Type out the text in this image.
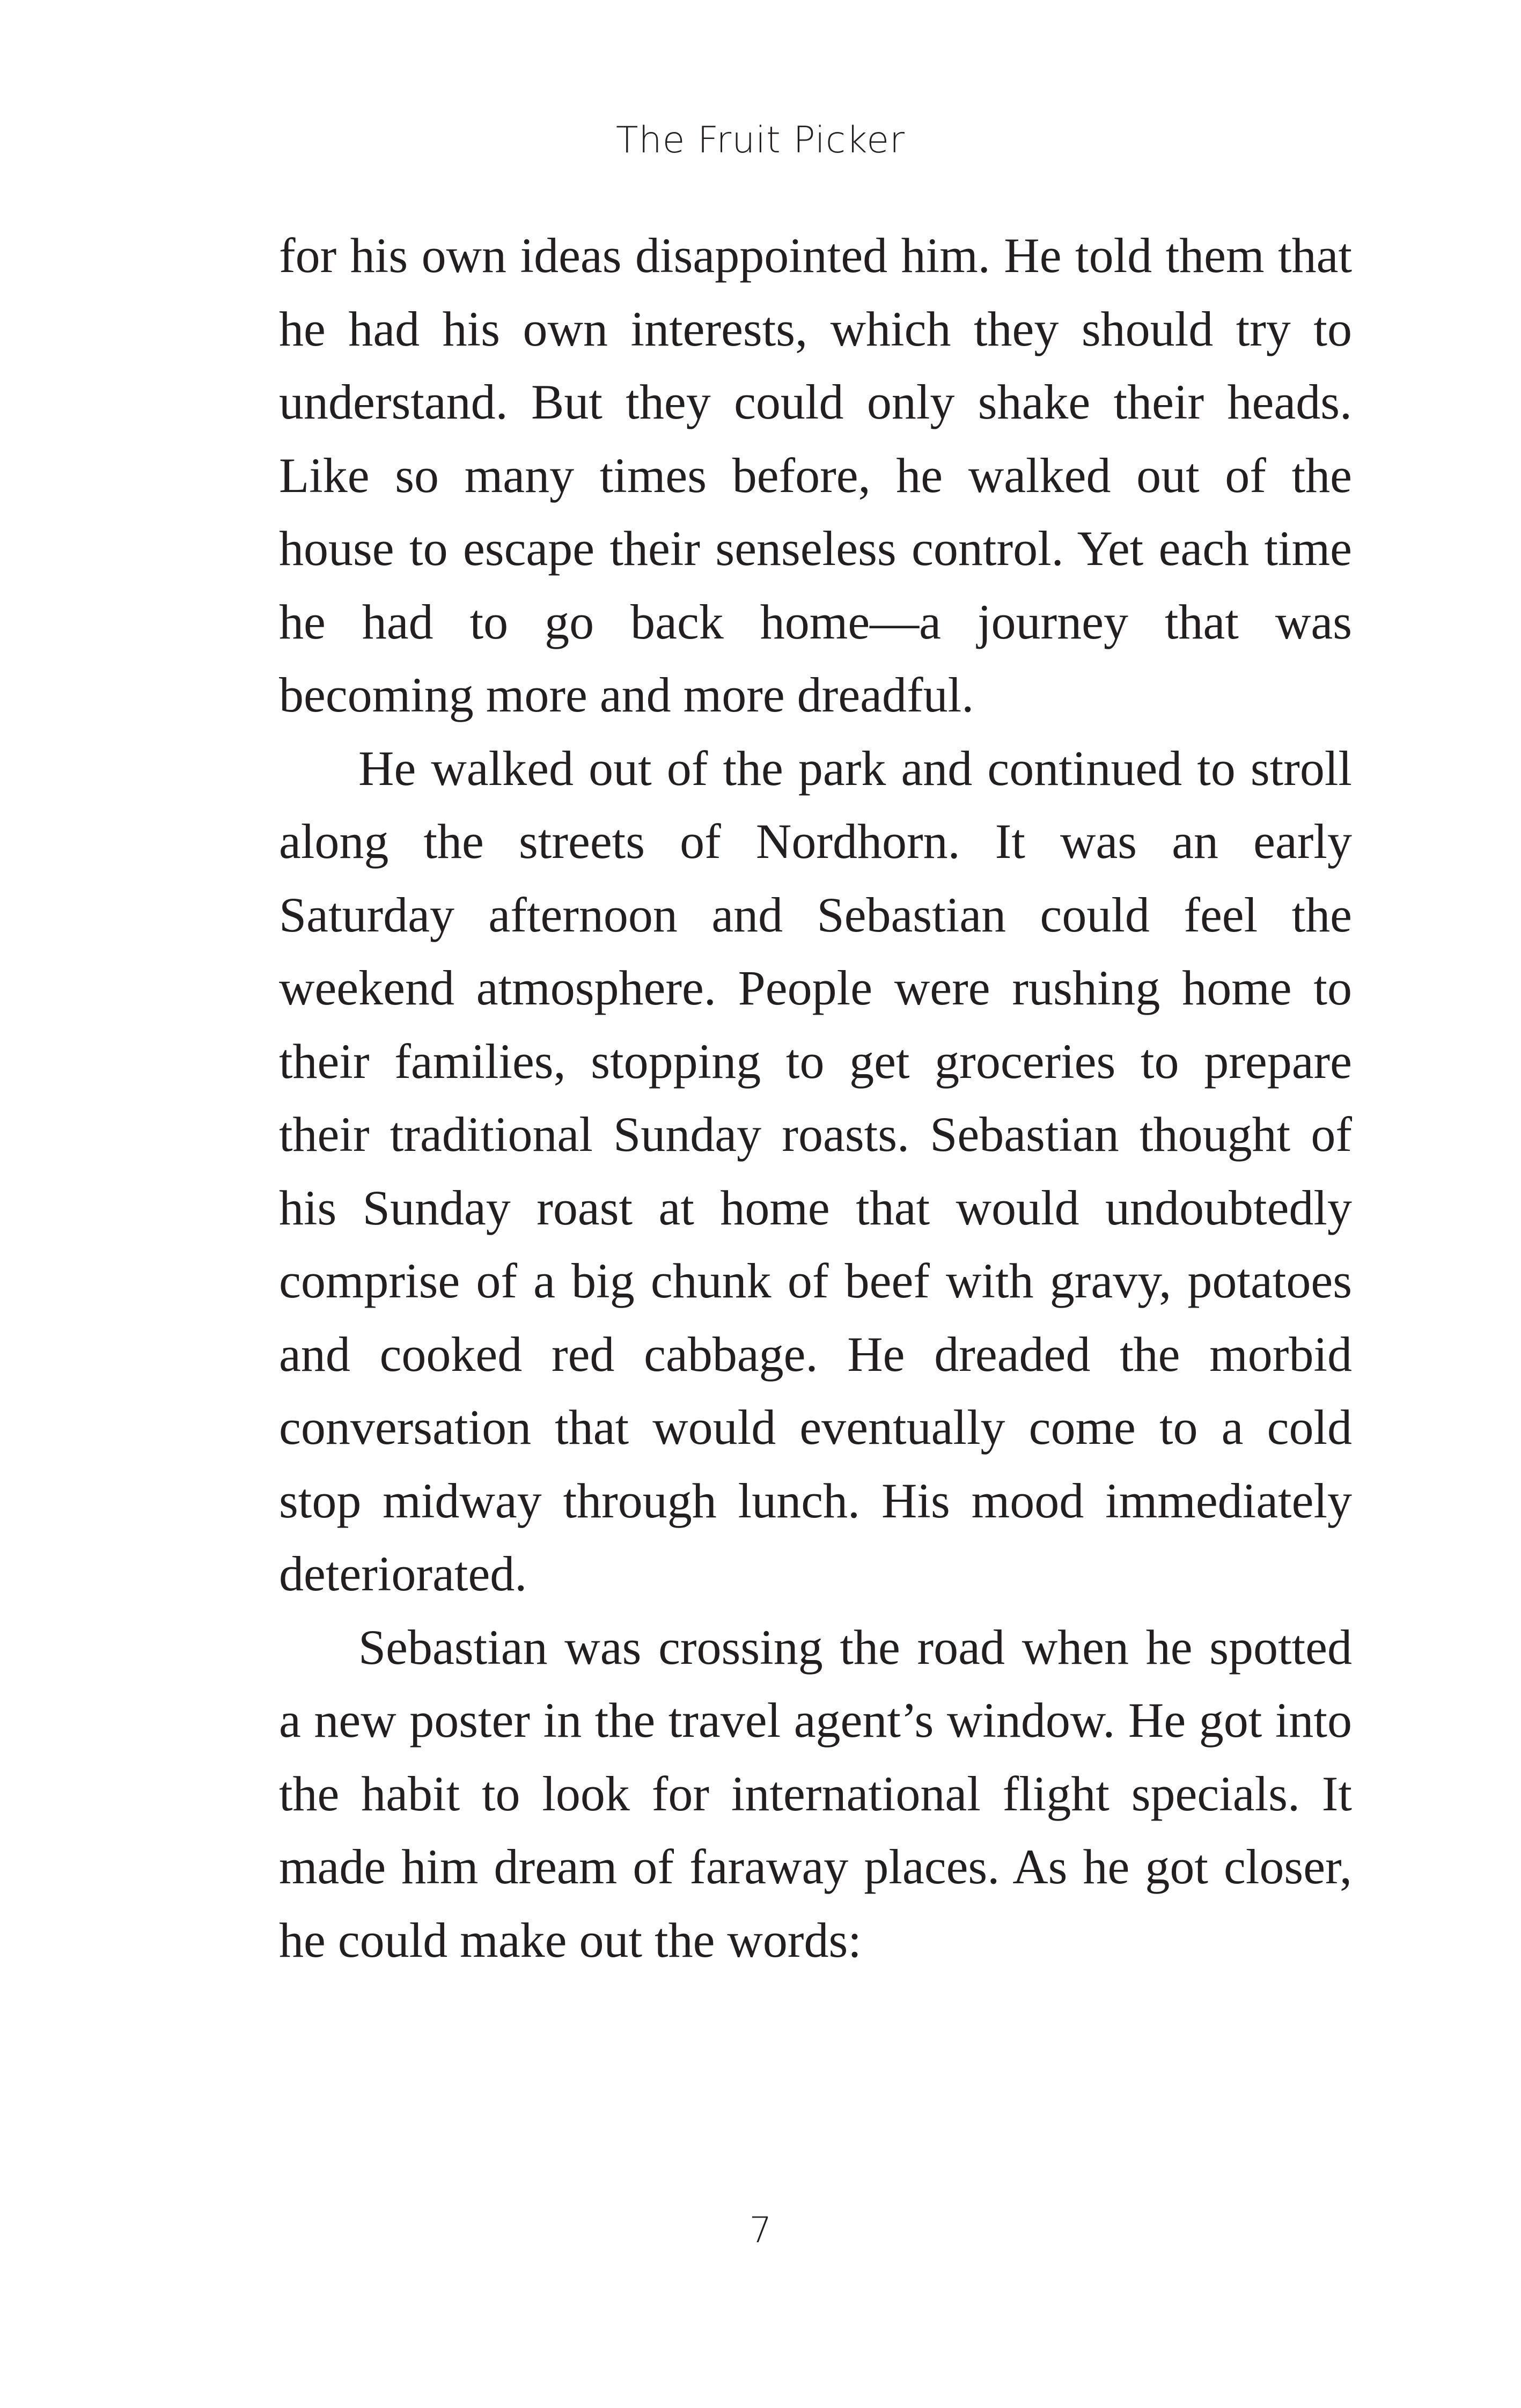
The Fruit Picker

for his own ideas disappointed him. He told them that he had his own interests, which they should try to understand. But they could only shake their heads. Like so many times before, he walked out of the house to escape their senseless control. Yet each time he had to go back home—a journey that was becoming more and more dreadful.

He walked out of the park and continued to stroll along the streets of Nordhorn. It was an early Saturday afternoon and Sebastian could feel the weekend atmosphere. People were rushing home to their families, stopping to get groceries to prepare their traditional Sunday roasts. Sebastian thought of his Sunday roast at home that would undoubtedly comprise of a big chunk of beef with gravy, potatoes and cooked red cabbage. He dreaded the morbid conversation that would eventually come to a cold stop midway through lunch. His mood immediately deteriorated.

Sebastian was crossing the road when he spotted a new poster in the travel agent’s window. He got into the habit to look for international flight specials. It made him dream of faraway places. As he got closer, he could make out the words:

7
